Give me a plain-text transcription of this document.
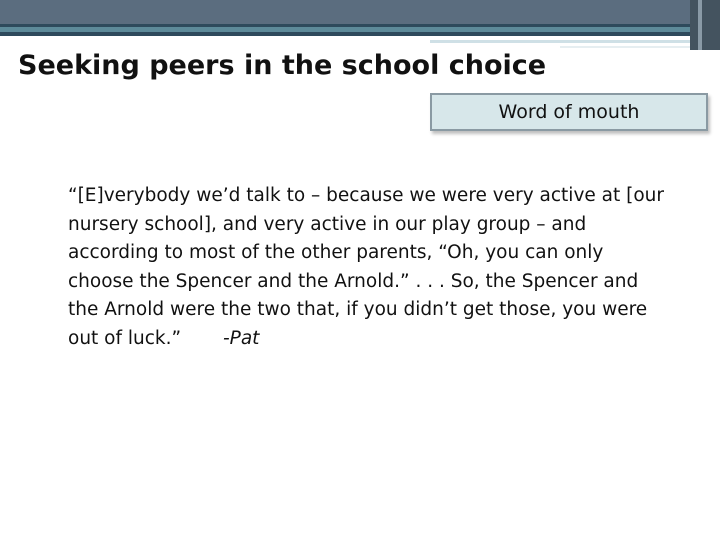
Seeking peers in the school choice
Word of mouth

“[E]verybody we’d talk to – because we were very active at [our nursery school], and very active in our play group – and according to most of the other parents, “Oh, you can only choose the Spencer and the Arnold.” . . . So, the Spencer and the Arnold were the two that, if you didn’t get those, you were out of luck.” -Pat
